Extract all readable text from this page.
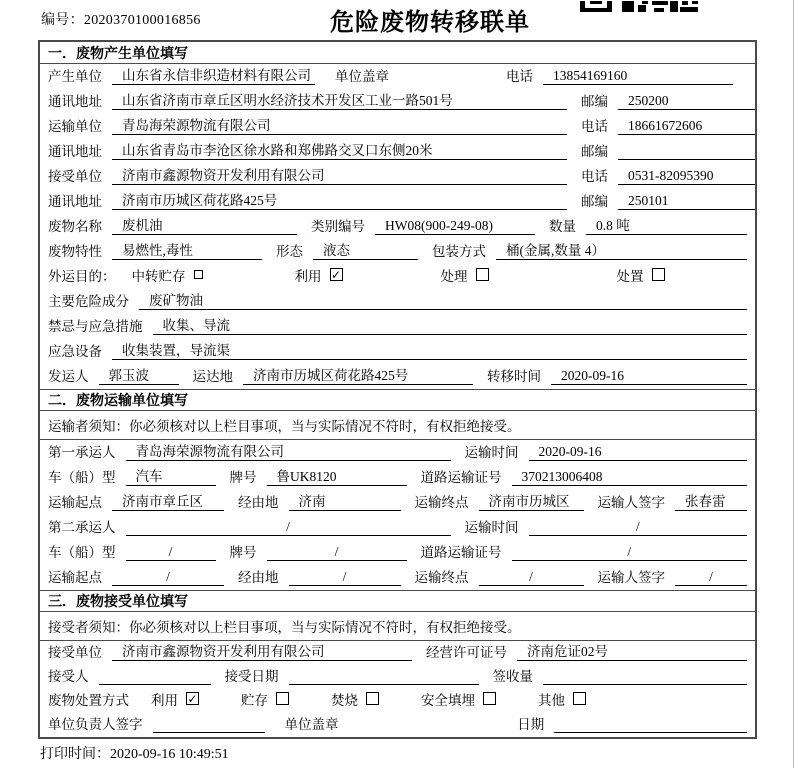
编号：2020370100016856	危险废物转移联单
一．废物产生单位填写
产生单位	山东省永信非织造材料有限公司 单位盖章	电话	13854169160
通讯地址	山东省济南市章丘区明水经济技术开发区工业一路501号	邮编	250200
运输单位	青岛海荣源物流有限公司	电话	18661672606
通讯地址	山东省青岛市李沧区徐水路和郑佛路交叉口东侧20米	邮编
接受单位	济南市鑫源物资开发利用有限公司	电话	0531-82095390
通讯地址	济南市历城区荷花路425号	邮编	250101
废物名称	废机油	类别编号	HW08(900-249-08)	数量	0.8 吨
废物特性	易燃性,毒性	形态	液态	包装方式	桶(金属,数量 4）
外运目的： 中转贮存	利用 ✓	处理	处置
主要危险成分	废矿物油
禁忌与应急措施	收集、导流
应急设备	收集装置，导流渠
发运人	郭玉波	运达地	济南市历城区荷花路425号	转移时间	2020-09-16
二．废物运输单位填写
运输者须知：你必须核对以上栏目事项，当与实际情况不符时，有权拒绝接受。
第一承运人	青岛海荣源物流有限公司	运输时间	2020-09-16
车（船）型	汽车	牌号	鲁UK8120	道路运输证号	370213006408
运输起点	济南市章丘区	经由地	济南	运输终点	济南市历城区	运输人签字	张春雷
第二承运人	/	运输时间	/
车（船）型	/	牌号	/	道路运输证号	/
运输起点	/	经由地	/	运输终点	/	运输人签字	/
三．废物接受单位填写
接受者须知：你必须核对以上栏目事项，当与实际情况不符时，有权拒绝接受。
接受单位	济南市鑫源物资开发利用有限公司	经营许可证号	济南危证02号
接受人	接受日期	签收量
废物处置方式 利用 ✓	贮存	焚烧	安全填埋	其他
单位负责人签字	单位盖章	日期
打印时间：2020-09-16 10:49:51
